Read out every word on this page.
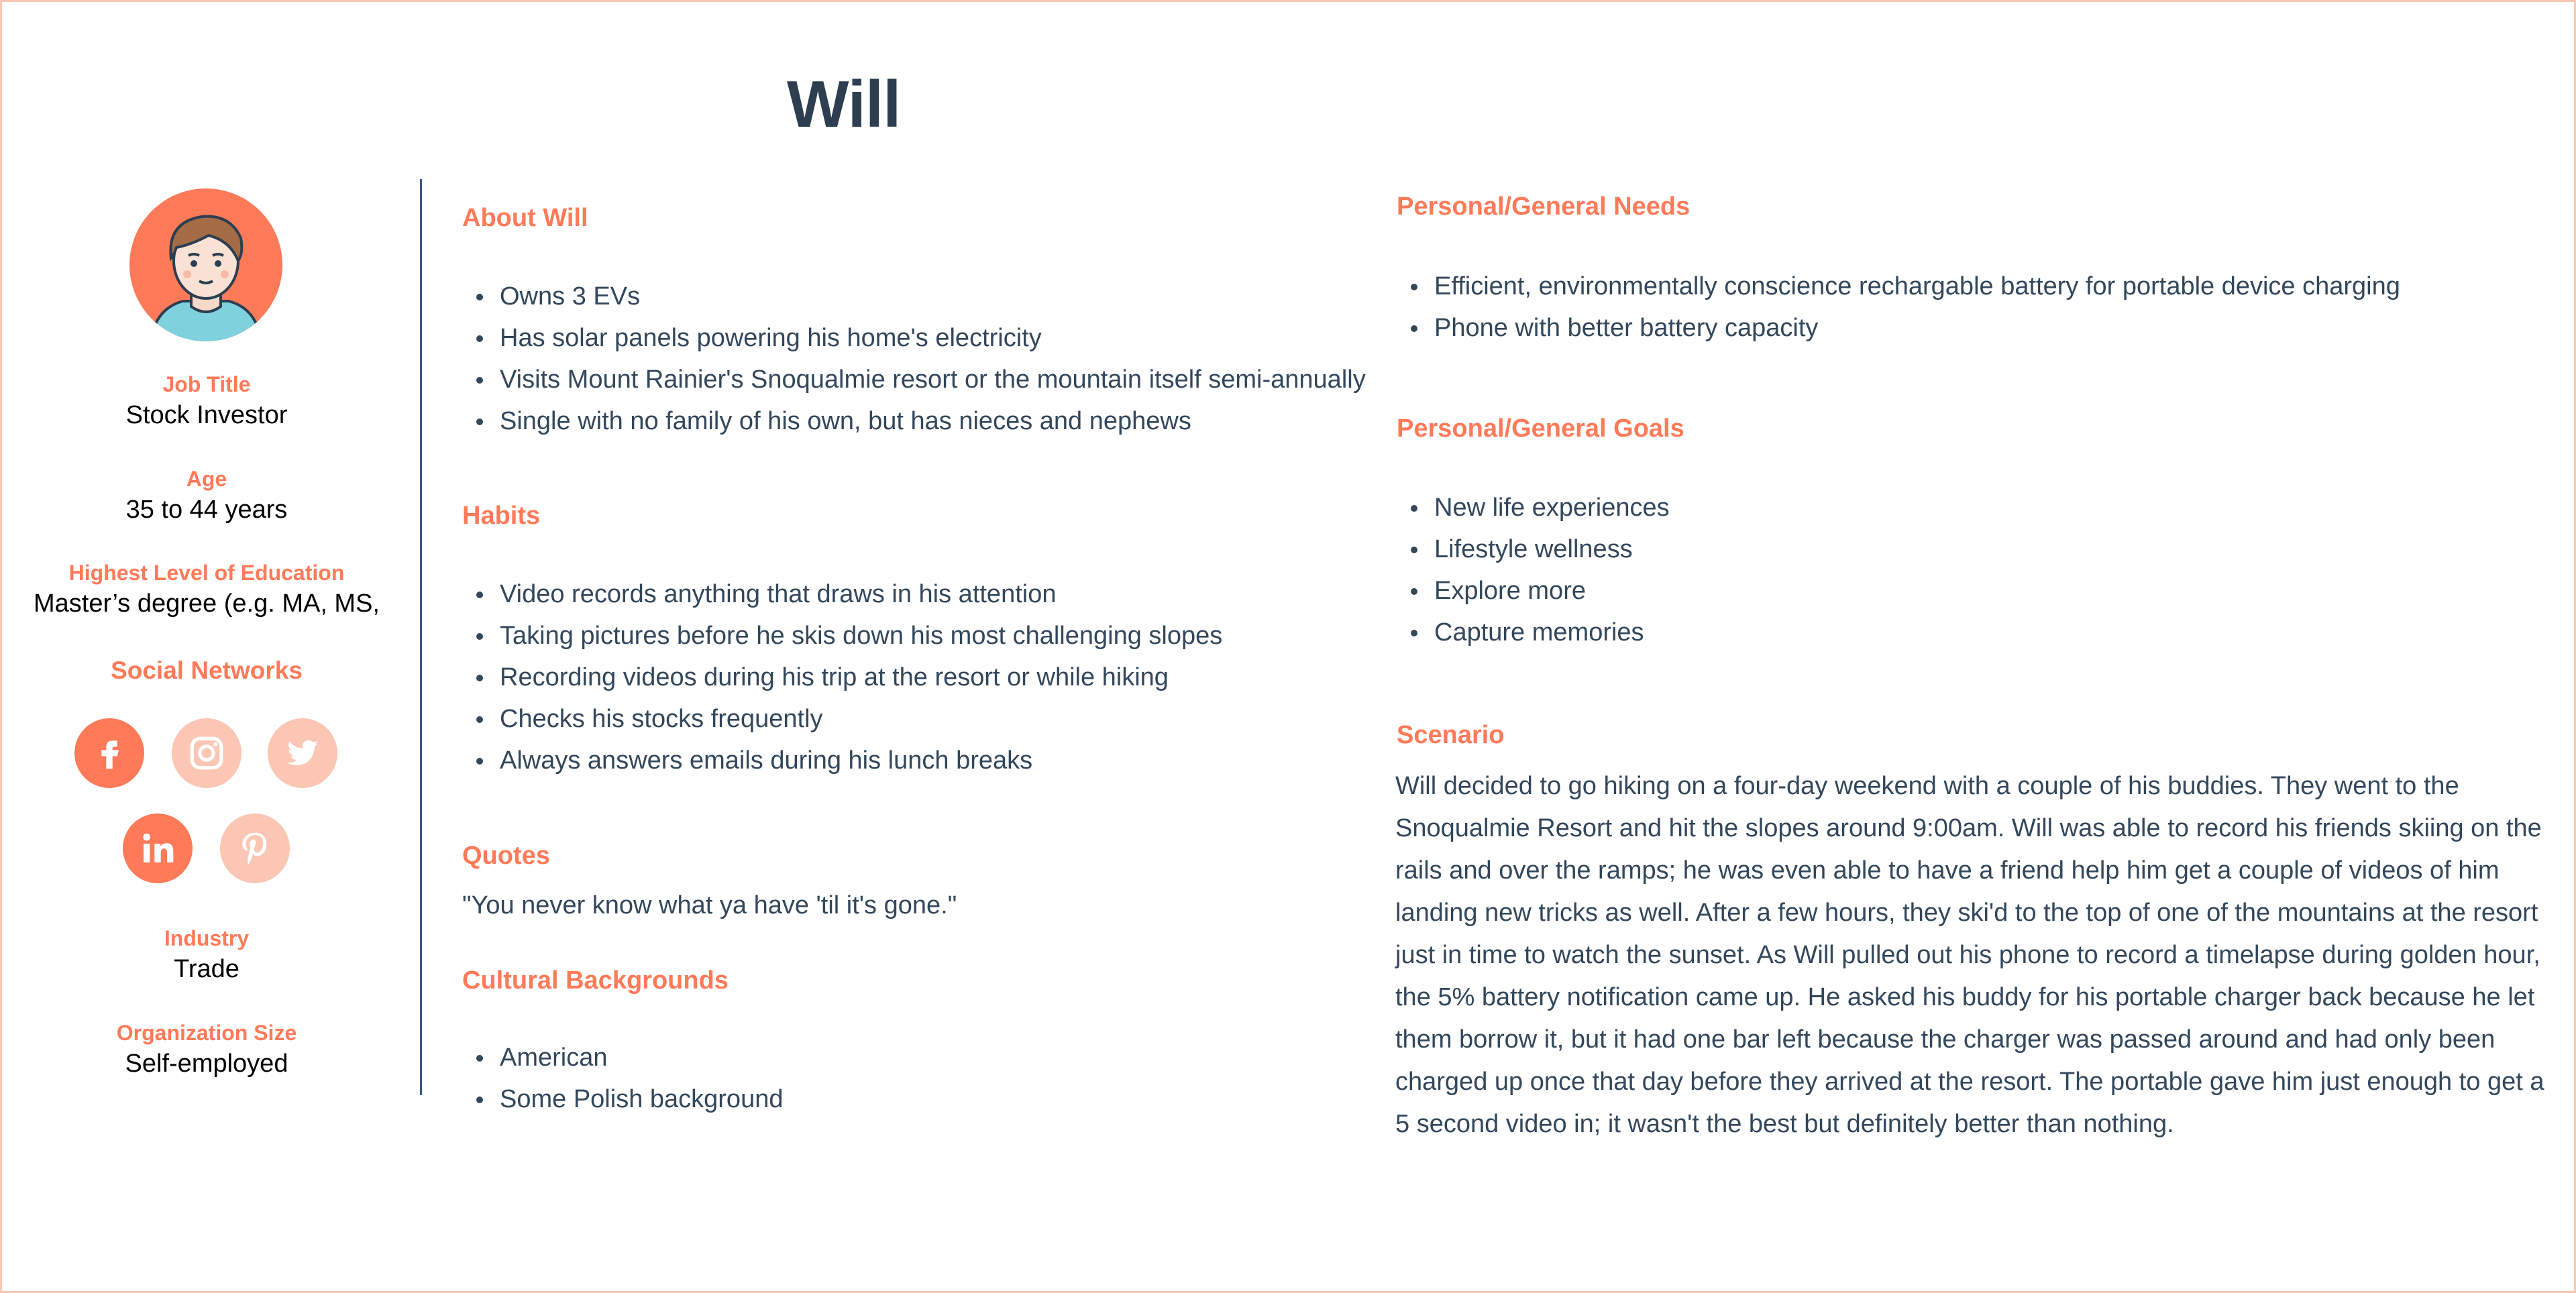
Will
Job Title
Stock Investor
Age
35 to 44 years
Highest Level of Education
Master’s degree (e.g. MA, MS,
Social Networks
Industry
Trade
Organization Size
Self-employed
About Will
Owns 3 EVs
Has solar panels powering his home's electricity
Visits Mount Rainier's Snoqualmie resort or the mountain itself semi-annually
Single with no family of his own, but has nieces and nephews
Habits
Video records anything that draws in his attention
Taking pictures before he skis down his most challenging slopes
Recording videos during his trip at the resort or while hiking
Checks his stocks frequently
Always answers emails during his lunch breaks
Quotes
"You never know what ya have 'til it's gone."
Cultural Backgrounds
American
Some Polish background
Personal/General Needs
Efficient, environmentally conscience rechargable battery for portable device charging
Phone with better battery capacity
Personal/General Goals
New life experiences
Lifestyle wellness
Explore more
Capture memories
Scenario
Will decided to go hiking on a four-day weekend with a couple of his buddies. They went to the Snoqualmie Resort and hit the slopes around 9:00am. Will was able to record his friends skiing on the rails and over the ramps; he was even able to have a friend help him get a couple of videos of him landing new tricks as well. After a few hours, they ski'd to the top of one of the mountains at the resort just in time to watch the sunset. As Will pulled out his phone to record a timelapse during golden hour, the 5% battery notification came up. He asked his buddy for his portable charger back because he let them borrow it, but it had one bar left because the charger was passed around and had only been charged up once that day before they arrived at the resort. The portable gave him just enough to get a 5 second video in; it wasn't the best but definitely better than nothing.
